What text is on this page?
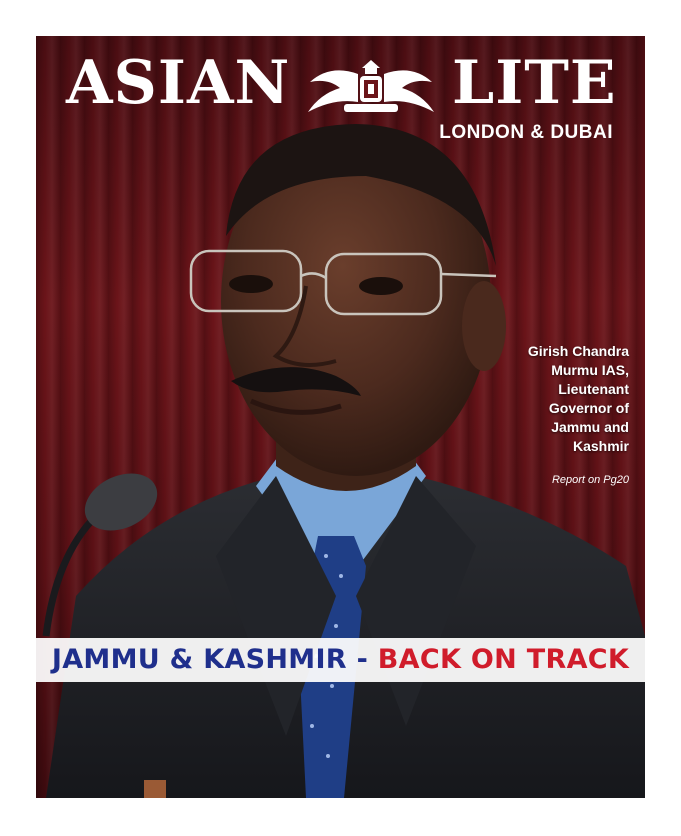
ASIAN	LITE
LONDON & DUBAI
Girish Chandra
Murmu IAS,
Lieutenant
Governor of
Jammu and
Kashmir
Report on Pg20
JAMMU & KASHMIR - BACK ON TRACK
